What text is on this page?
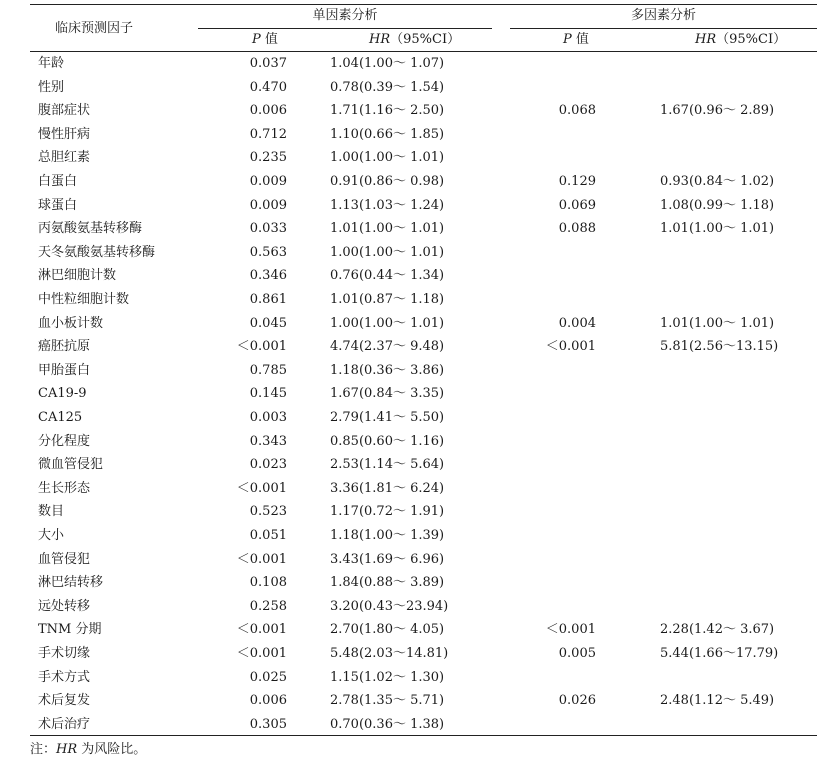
临床预测因子
单因素分析	多因素分析
P 值	HR（95%CI）	P 值	HR（95%CI）
年龄	0.037	1.04(1.00～ 1.07)
性别	0.470	0.78(0.39～ 1.54)
腹部症状	0.006	1.71(1.16～ 2.50)	0.068	1.67(0.96～ 2.89)
慢性肝病	0.712	1.10(0.66～ 1.85)
总胆红素	0.235	1.00(1.00～ 1.01)
白蛋白	0.009	0.91(0.86～ 0.98)	0.129	0.93(0.84～ 1.02)
球蛋白	0.009	1.13(1.03～ 1.24)	0.069	1.08(0.99～ 1.18)
丙氨酸氨基转移酶	0.033	1.01(1.00～ 1.01)	0.088	1.01(1.00～ 1.01)
天冬氨酸氨基转移酶	0.563	1.00(1.00～ 1.01)
淋巴细胞计数	0.346	0.76(0.44～ 1.34)
中性粒细胞计数	0.861	1.01(0.87～ 1.18)
血小板计数	0.045	1.00(1.00～ 1.01)	0.004	1.01(1.00～ 1.01)
癌胚抗原	＜0.001	4.74(2.37～ 9.48)	＜0.001	5.81(2.56～13.15)
甲胎蛋白	0.785	1.18(0.36～ 3.86)
CA19-9	0.145	1.67(0.84～ 3.35)
CA125	0.003	2.79(1.41～ 5.50)
分化程度	0.343	0.85(0.60～ 1.16)
微血管侵犯	0.023	2.53(1.14～ 5.64)
生长形态	＜0.001	3.36(1.81～ 6.24)
数目	0.523	1.17(0.72～ 1.91)
大小	0.051	1.18(1.00～ 1.39)
血管侵犯	＜0.001	3.43(1.69～ 6.96)
淋巴结转移	0.108	1.84(0.88～ 3.89)
远处转移	0.258	3.20(0.43～23.94)
TNM 分期	＜0.001	2.70(1.80～ 4.05)	＜0.001	2.28(1.42～ 3.67)
手术切缘	＜0.001	5.48(2.03～14.81)	0.005	5.44(1.66～17.79)
手术方式	0.025	1.15(1.02～ 1.30)
术后复发	0.006	2.78(1.35～ 5.71)	0.026	2.48(1.12～ 5.49)
术后治疗	0.305	0.70(0.36～ 1.38)
注：HR 为风险比。
